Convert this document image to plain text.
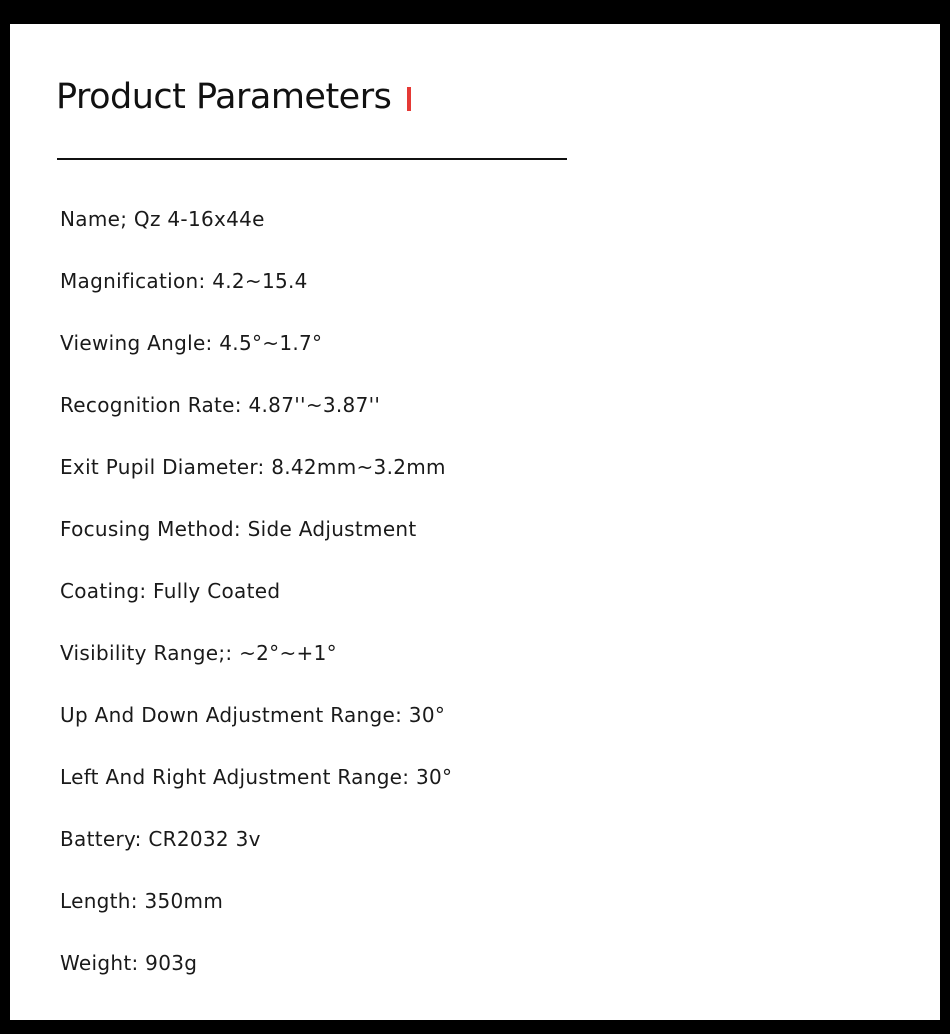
Product Parameters
Name; Qz 4-16x44e
Magnification: 4.2~15.4
Viewing Angle: 4.5°~1.7°
Recognition Rate: 4.87''~3.87''
Exit Pupil Diameter: 8.42mm~3.2mm
Focusing Method: Side Adjustment
Coating: Fully Coated
Visibility Range;: ~2°~+1°
Up And Down Adjustment Range: 30°
Left And Right Adjustment Range: 30°
Battery: CR2032 3v
Length: 350mm
Weight: 903g
